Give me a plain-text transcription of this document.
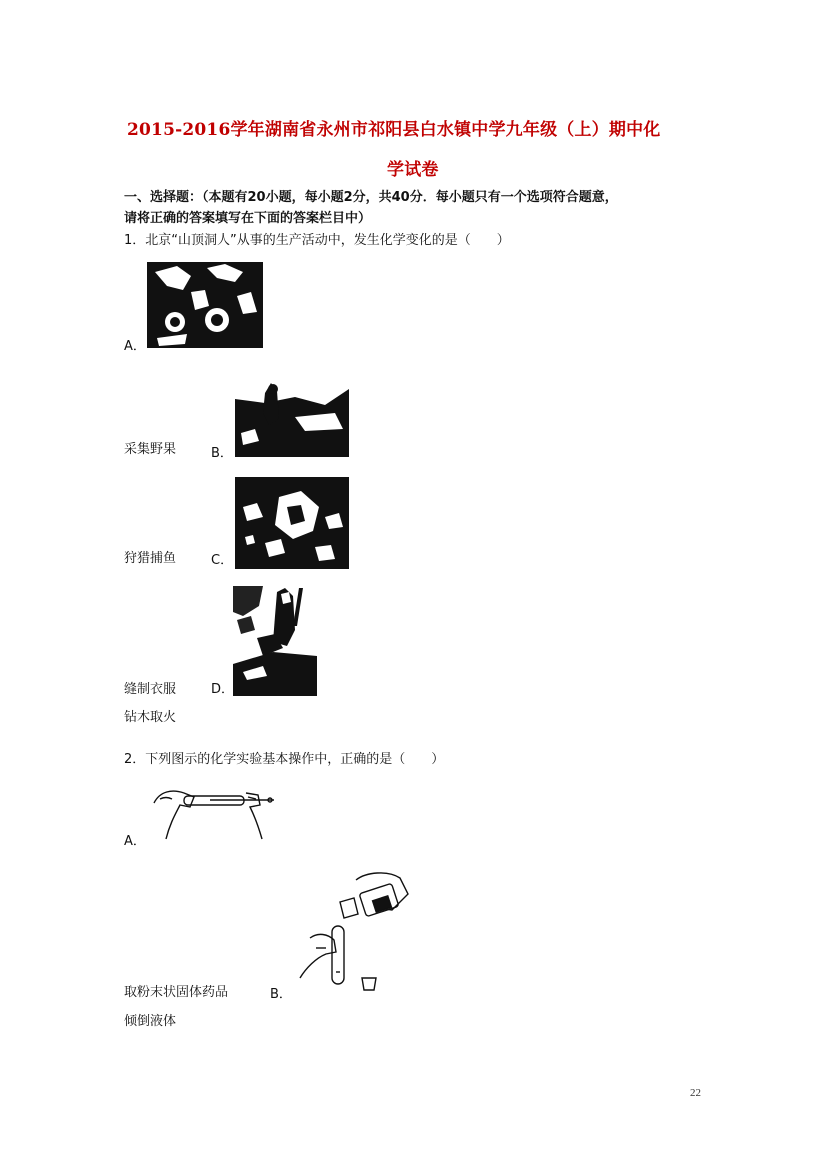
2015-2016学年湖南省永州市祁阳县白水镇中学九年级（上）期中化
学试卷
一、选择题：（本题有20小题，每小题2分，共40分．每小题只有一个选项符合题意，
请将正确的答案填写在下面的答案栏目中）
1．北京“山顶洞人”从事的生产活动中，发生化学变化的是（　　）
A．
采集野果	B．
狩猎捕鱼	C．
缝制衣服	D．
钻木取火
2．下列图示的化学实验基本操作中，正确的是（　　）
A．
取粉末状固体药品	B．
倾倒液体
22
